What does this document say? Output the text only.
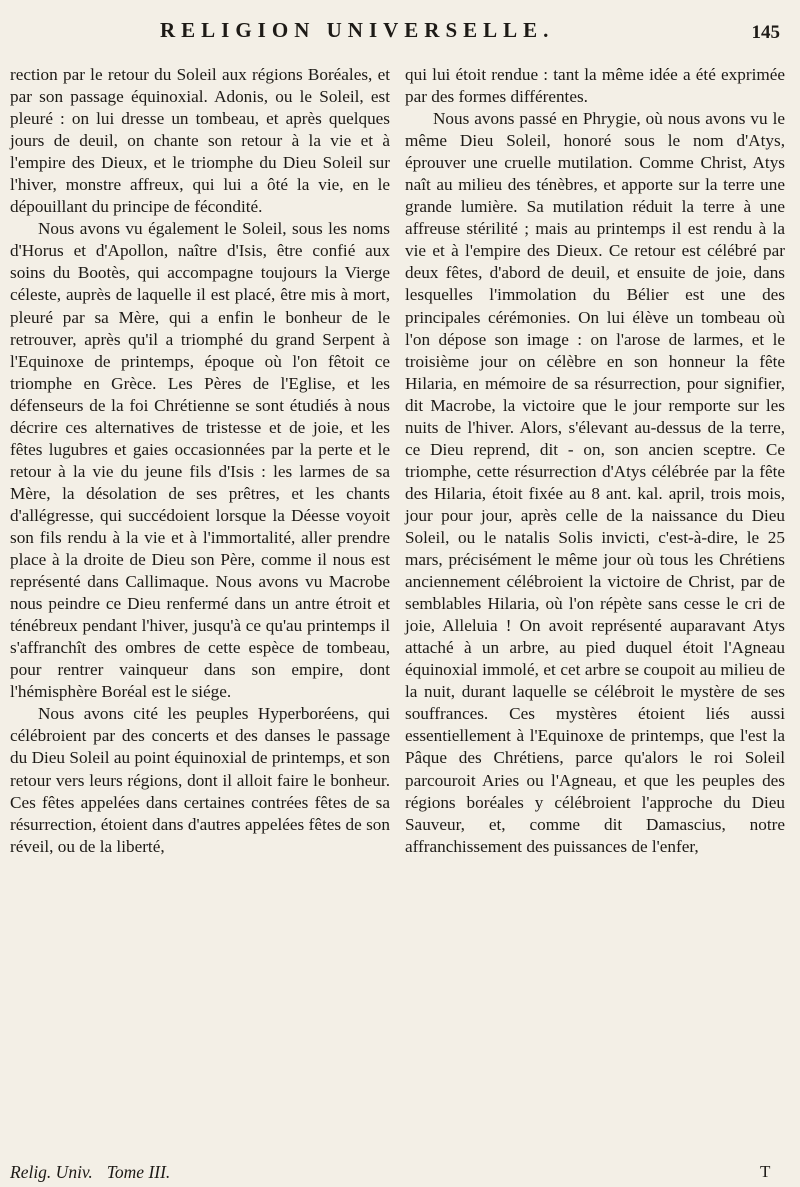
RELIGION UNIVERSELLE.	145

rection par le retour du Soleil aux régions Boréales, et par son passage équinoxial. Adonis, ou le Soleil, est pleuré : on lui dresse un tombeau, et après quelques jours de deuil, on chante son retour à la vie et à l'empire des Dieux, et le triomphe du Dieu Soleil sur l'hiver, monstre affreux, qui lui a ôté la vie, en le dépouillant du principe de fécondité.

Nous avons vu également le Soleil, sous les noms d'Horus et d'Apollon, naître d'Isis, être confié aux soins du Bootès, qui accompagne toujours la Vierge céleste, auprès de laquelle il est placé, être mis à mort, pleuré par sa Mère, qui a enfin le bonheur de le retrouver, après qu'il a triomphé du grand Serpent à l'Equinoxe de printemps, époque où l'on fêtoit ce triomphe en Grèce. Les Pères de l'Eglise, et les défenseurs de la foi Chrétienne se sont étudiés à nous décrire ces alternatives de tristesse et de joie, et les fêtes lugubres et gaies occasionnées par la perte et le retour à la vie du jeune fils d'Isis : les larmes de sa Mère, la désolation de ses prêtres, et les chants d'allégresse, qui succédoient lorsque la Déesse voyoit son fils rendu à la vie et à l'immortalité, aller prendre place à la droite de Dieu son Père, comme il nous est représenté dans Callimaque. Nous avons vu Macrobe nous peindre ce Dieu renfermé dans un antre étroit et ténébreux pendant l'hiver, jusqu'à ce qu'au printemps il s'affranchît des ombres de cette espèce de tombeau, pour rentrer vainqueur dans son empire, dont l'hémisphère Boréal est le siége.

Nous avons cité les peuples Hyperboréens, qui célébroient par des concerts et des danses le passage du Dieu Soleil au point équinoxial de printemps, et son retour vers leurs régions, dont il alloit faire le bonheur. Ces fêtes appelées dans certaines contrées fêtes de sa résurrection, étoient dans d'autres appelées fêtes de son réveil, ou de la liberté,

qui lui étoit rendue : tant la même idée a été exprimée par des formes différentes.

Nous avons passé en Phrygie, où nous avons vu le même Dieu Soleil, honoré sous le nom d'Atys, éprouver une cruelle mutilation. Comme Christ, Atys naît au milieu des ténèbres, et apporte sur la terre une grande lumière. Sa mutilation réduit la terre à une affreuse stérilité ; mais au printemps il est rendu à la vie et à l'empire des Dieux. Ce retour est célébré par deux fêtes, d'abord de deuil, et ensuite de joie, dans lesquelles l'immolation du Bélier est une des principales cérémonies. On lui élève un tombeau où l'on dépose son image : on l'arose de larmes, et le troisième jour on célèbre en son honneur la fête Hilaria, en mémoire de sa résurrection, pour signifier, dit Macrobe, la victoire que le jour remporte sur les nuits de l'hiver. Alors, s'élevant au-dessus de la terre, ce Dieu reprend, dit - on, son ancien sceptre. Ce triomphe, cette résurrection d'Atys célébrée par la fête des Hilaria, étoit fixée au 8 ant. kal. april, trois mois, jour pour jour, après celle de la naissance du Dieu Soleil, ou le natalis Solis invicti, c'est-à-dire, le 25 mars, précisément le même jour où tous les Chrétiens anciennement célébroient la victoire de Christ, par de semblables Hilaria, où l'on répète sans cesse le cri de joie, Alleluia ! On avoit représenté auparavant Atys attaché à un arbre, au pied duquel étoit l'Agneau équinoxial immolé, et cet arbre se coupoit au milieu de la nuit, durant laquelle se célébroit le mystère de ses souffrances. Ces mystères étoient liés aussi essentiellement à l'Equinoxe de printemps, que l'est la Pâque des Chrétiens, parce qu'alors le roi Soleil parcouroit Aries ou l'Agneau, et que les peuples des régions boréales y célébroient l'approche du Dieu Sauveur, et, comme dit Damascius, notre affranchissement des puissances de l'enfer,

Relig. Univ. Tome III.	T
